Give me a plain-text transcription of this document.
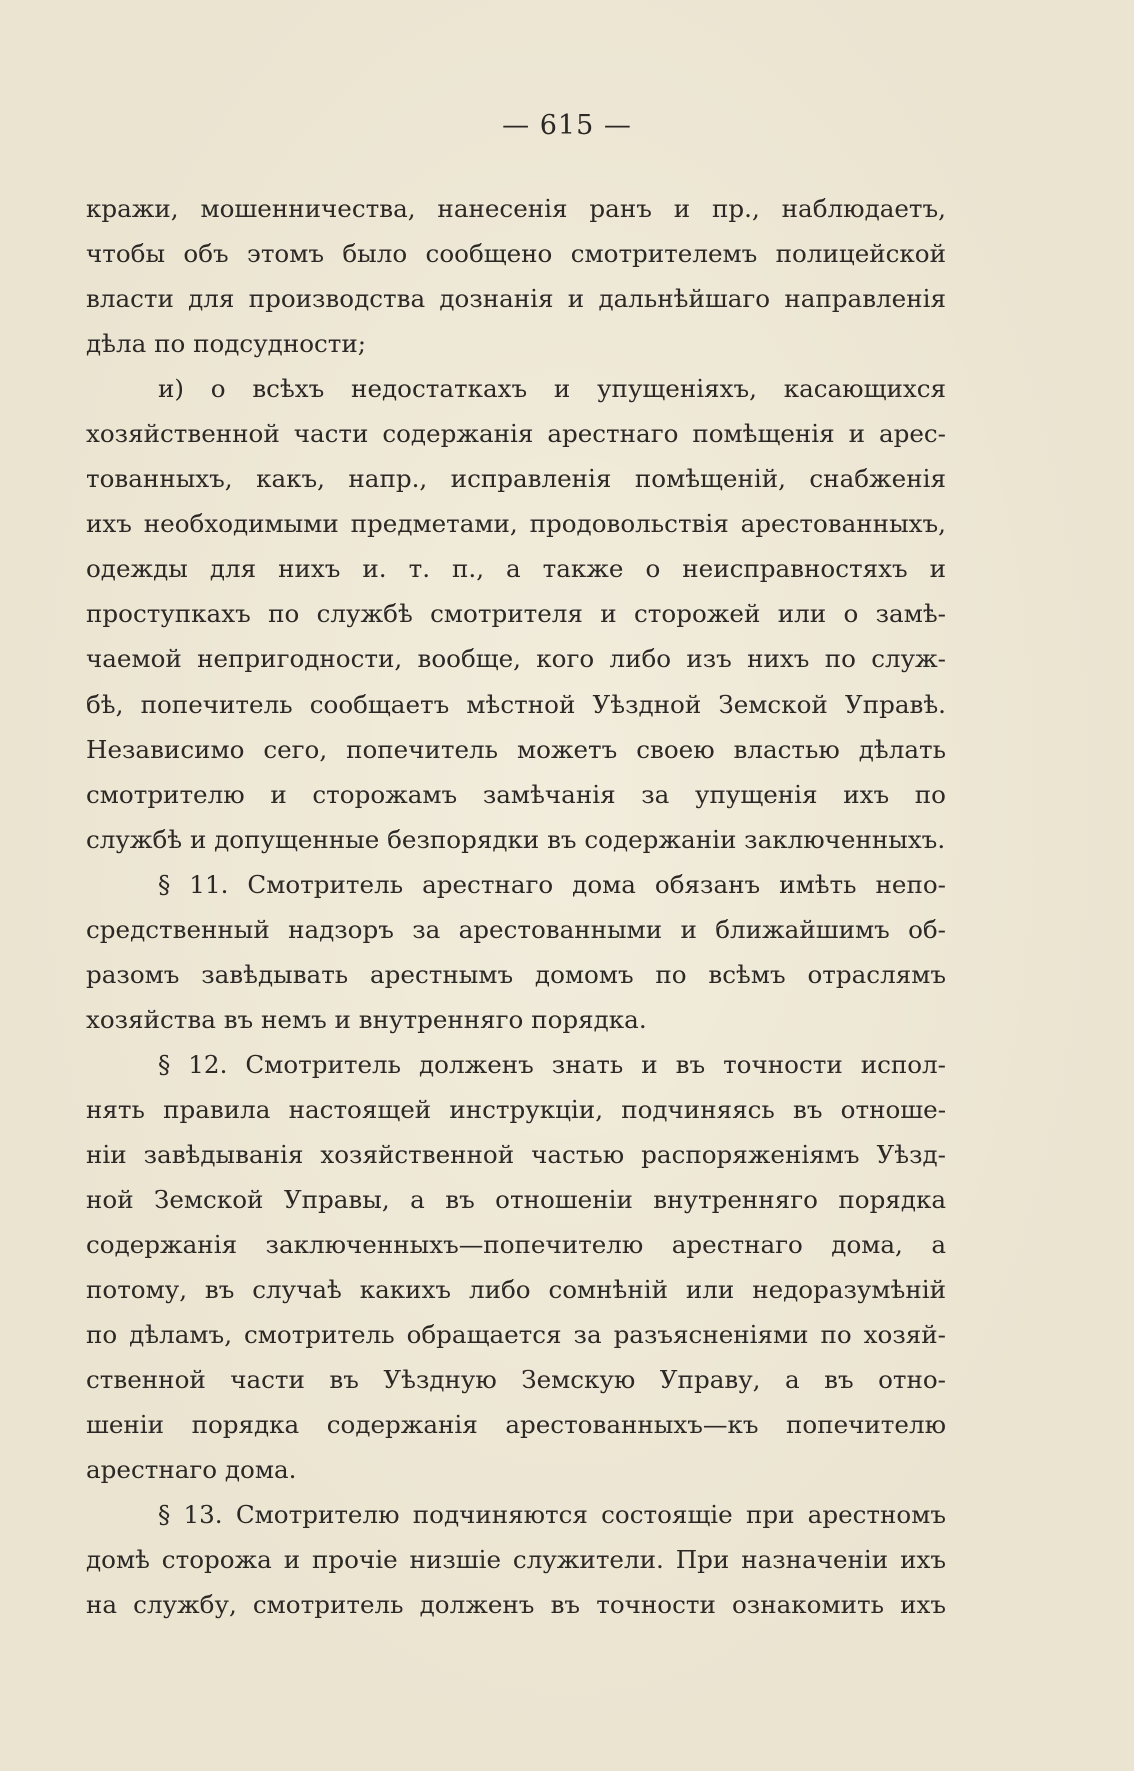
— 615 —
кражи, мошенничества, нанесенія ранъ и пр., наблюдаетъ,
чтобы объ этомъ было сообщено смотрителемъ полицейской
власти для производства дознанія и дальнѣйшаго направленія
дѣла по подсудности;
и) о всѣхъ недостаткахъ и упущеніяхъ, касающихся
хозяйственной части содержанія арестнаго помѣщенія и арес-
тованныхъ, какъ, напр., исправленія помѣщеній, снабженія
ихъ необходимыми предметами, продовольствія арестованныхъ,
одежды для нихъ и. т. п., а также о неисправностяхъ и
проступкахъ по службѣ смотрителя и сторожей или о замѣ-
чаемой непригодности, вообще, кого либо изъ нихъ по служ-
бѣ, попечитель сообщаетъ мѣстной Уѣздной Земской Управѣ.
Независимо сего, попечитель можетъ своею властью дѣлать
смотрителю и сторожамъ замѣчанія за упущенія ихъ по
службѣ и допущенные безпорядки въ содержаніи заключенныхъ.
§ 11. Смотритель арестнаго дома обязанъ имѣть непо-
средственный надзоръ за арестованными и ближайшимъ об-
разомъ завѣдывать арестнымъ домомъ по всѣмъ отраслямъ
хозяйства въ немъ и внутренняго порядка.
§ 12. Смотритель долженъ знать и въ точности испол-
нять правила настоящей инструкціи, подчиняясь въ отноше-
ніи завѣдыванія хозяйственной частью распоряженіямъ Уѣзд-
ной Земской Управы, а въ отношеніи внутренняго порядка
содержанія заключенныхъ—попечителю арестнаго дома, а
потому, въ случаѣ какихъ либо сомнѣній или недоразумѣній
по дѣламъ, смотритель обращается за разъясненіями по хозяй-
ственной части въ Уѣздную Земскую Управу, а въ отно-
шеніи порядка содержанія арестованныхъ—къ попечителю
арестнаго дома.
§ 13. Смотрителю подчиняются состоящіе при арестномъ
домѣ сторожа и прочіе низшіе служители. При назначеніи ихъ
на службу, смотритель долженъ въ точности ознакомить ихъ
